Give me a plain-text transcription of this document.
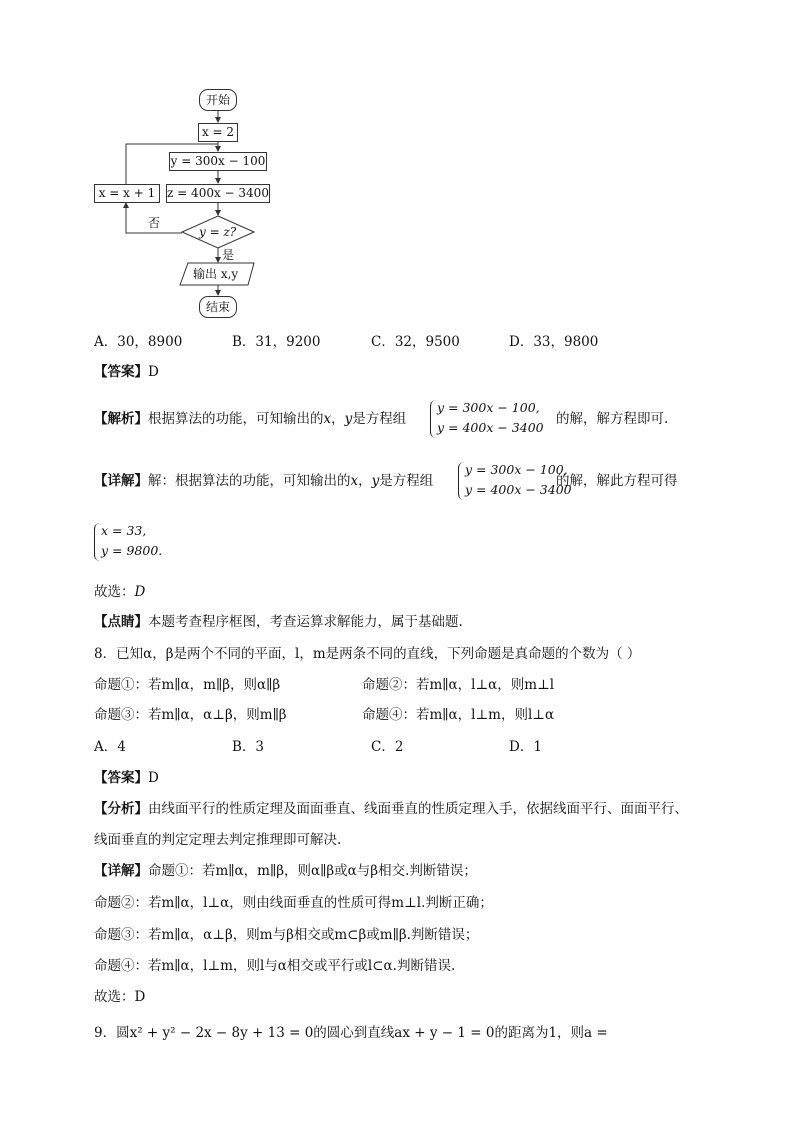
开始
x = 2
y = 300x − 100
z = 400x − 3400
x = x + 1
y = z?
否
是
输出 x,y
结束
A．30，8900	B．31，9200	C．32，9500	D．33，9800
【答案】D
【解析】根据算法的功能，可知输出的x，y是方程组
y = 300x − 100,
y = 400x − 3400
的解，解方程即可.
【详解】解：根据算法的功能，可知输出的x，y是方程组
y = 300x − 100,
y = 400x − 3400
的解，解此方程可得
x = 33,
y = 9800.
故选：D
【点睛】本题考查程序框图，考查运算求解能力，属于基础题.
8．已知α，β是两个不同的平面，l，m是两条不同的直线，下列命题是真命题的个数为（ ）
命题①：若m∥α，m∥β，则α∥β	命题②：若m∥α，l⊥α，则m⊥l
命题③：若m∥α，α⊥β，则m∥β	命题④：若m∥α，l⊥m，则l⊥α
A．4	B．3	C．2	D．1
【答案】D
【分析】由线面平行的性质定理及面面垂直、线面垂直的性质定理入手，依据线面平行、面面平行、
线面垂直的判定定理去判定推理即可解决.
【详解】命题①：若m∥α，m∥β，则α∥β或α与β相交.判断错误；
命题②：若m∥α，l⊥α，则由线面垂直的性质可得m⊥l.判断正确；
命题③：若m∥α，α⊥β，则m与β相交或m⊂β或m∥β.判断错误；
命题④：若m∥α，l⊥m，则l与α相交或平行或l⊂α.判断错误.
故选：D
9．圆x² + y² − 2x − 8y + 13 = 0的圆心到直线ax + y − 1 = 0的距离为1，则a =
